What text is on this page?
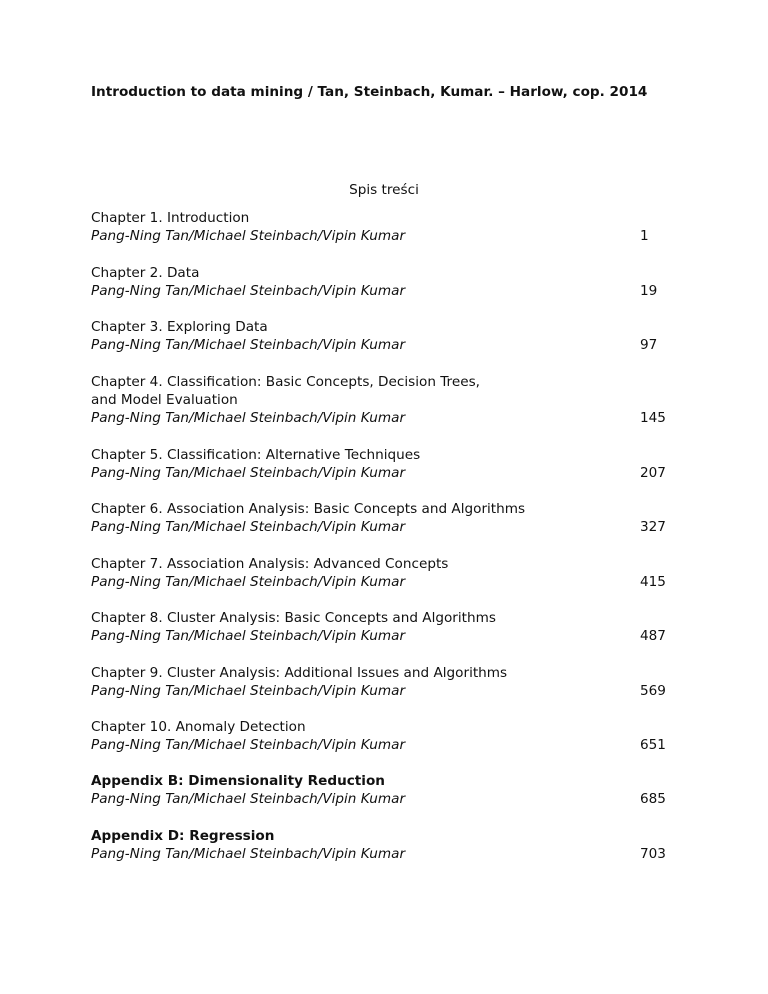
Introduction to data mining / Tan, Steinbach, Kumar. – Harlow, cop. 2014
Spis treści
Chapter 1. Introduction
Pang-Ning Tan/Michael Steinbach/Vipin Kumar	1
Chapter 2. Data
Pang-Ning Tan/Michael Steinbach/Vipin Kumar	19
Chapter 3. Exploring Data
Pang-Ning Tan/Michael Steinbach/Vipin Kumar	97
Chapter 4. Classification: Basic Concepts, Decision Trees,
and Model Evaluation
Pang-Ning Tan/Michael Steinbach/Vipin Kumar	145
Chapter 5. Classification: Alternative Techniques
Pang-Ning Tan/Michael Steinbach/Vipin Kumar	207
Chapter 6. Association Analysis: Basic Concepts and Algorithms
Pang-Ning Tan/Michael Steinbach/Vipin Kumar	327
Chapter 7. Association Analysis: Advanced Concepts
Pang-Ning Tan/Michael Steinbach/Vipin Kumar	415
Chapter 8. Cluster Analysis: Basic Concepts and Algorithms
Pang-Ning Tan/Michael Steinbach/Vipin Kumar	487
Chapter 9. Cluster Analysis: Additional Issues and Algorithms
Pang-Ning Tan/Michael Steinbach/Vipin Kumar	569
Chapter 10. Anomaly Detection
Pang-Ning Tan/Michael Steinbach/Vipin Kumar	651
Appendix B: Dimensionality Reduction
Pang-Ning Tan/Michael Steinbach/Vipin Kumar	685
Appendix D: Regression
Pang-Ning Tan/Michael Steinbach/Vipin Kumar	703
